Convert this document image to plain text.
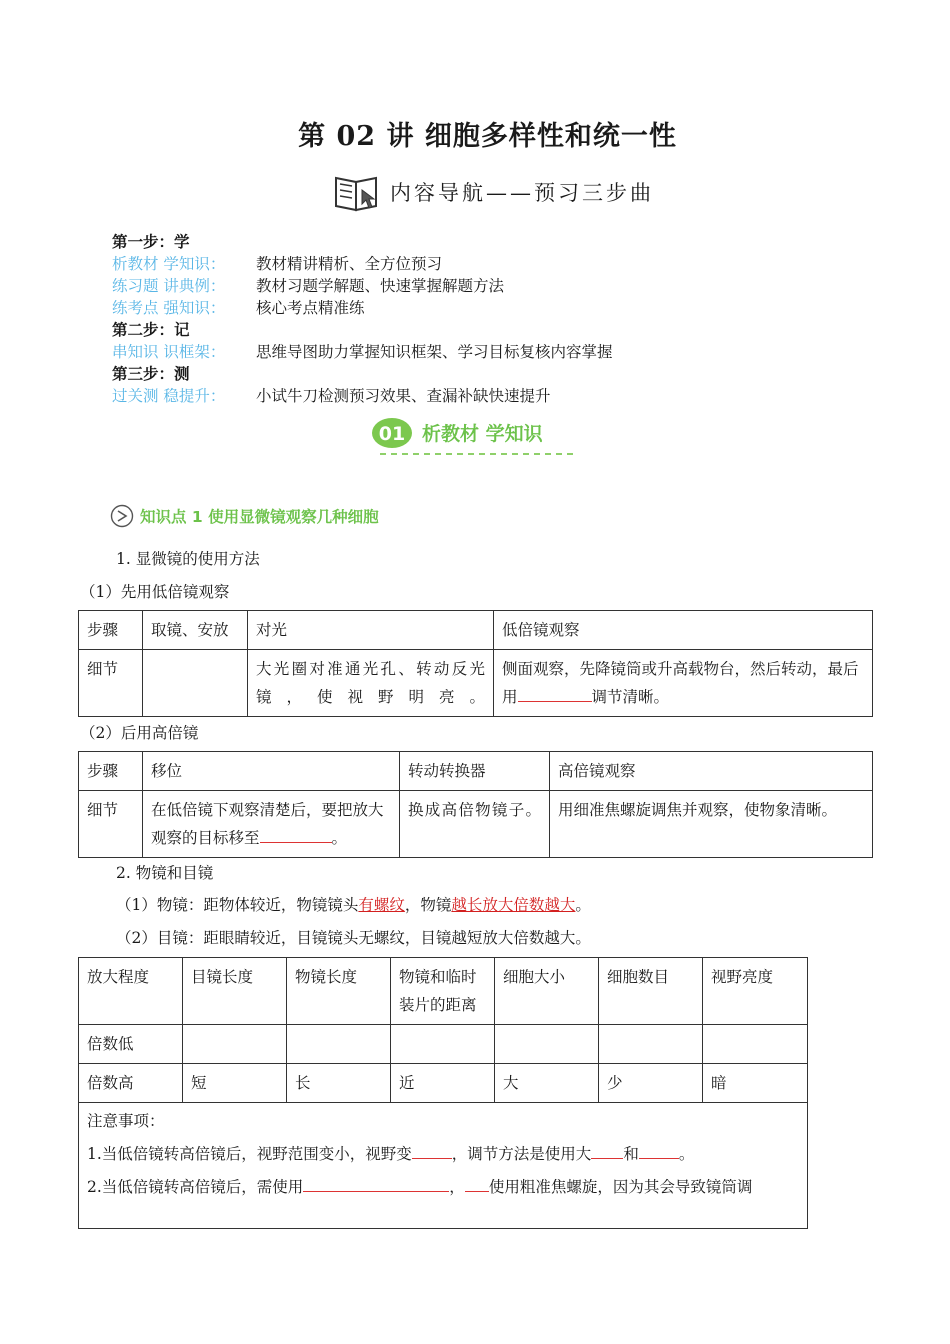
第 02 讲 细胞多样性和统一性
内容导航——预习三步曲
第一步：学
析教材 学知识：	教材精讲精析、全方位预习
练习题 讲典例：	教材习题学解题、快速掌握解题方法
练考点 强知识：	核心考点精准练
第二步：记
串知识 识框架：	思维导图助力掌握知识框架、学习目标复核内容掌握
第三步：测
过关测 稳提升：	小试牛刀检测预习效果、查漏补缺快速提升
01 析教材 学知识
知识点 1 使用显微镜观察几种细胞
1. 显微镜的使用方法
（1）先用低倍镜观察
步骤	取镜、安放	对光	低倍镜观察
细节		大光圈对准通光孔、转动反光镜，使视野明亮。	侧面观察，先降镜筒或升高载物台，然后转动，最后用 调节清晰。
（2）后用高倍镜
步骤	移位	转动转换器	高倍镜观察
细节	在低倍镜下观察清楚后，要把放大观察的目标移至 。	换成高倍物镜子。	用细准焦螺旋调焦并观察，使物象清晰。
2. 物镜和目镜
（1）物镜：距物体较近，物镜镜头有螺纹，物镜越长放大倍数越大。
（2）目镜：距眼睛较近，目镜镜头无螺纹，目镜越短放大倍数越大。
放大程度	目镜长度	物镜长度	物镜和临时装片的距离	细胞大小	细胞数目	视野亮度
倍数低						
倍数高	短	长	近	大	少	暗

注意事项：
1.当低倍镜转高倍镜后，视野范围变小，视野变 ，调节方法是使用大 和 。
2.当低倍镜转高倍镜后，需使用 ， 使用粗准焦螺旋，因为其会导致镜筒调						
